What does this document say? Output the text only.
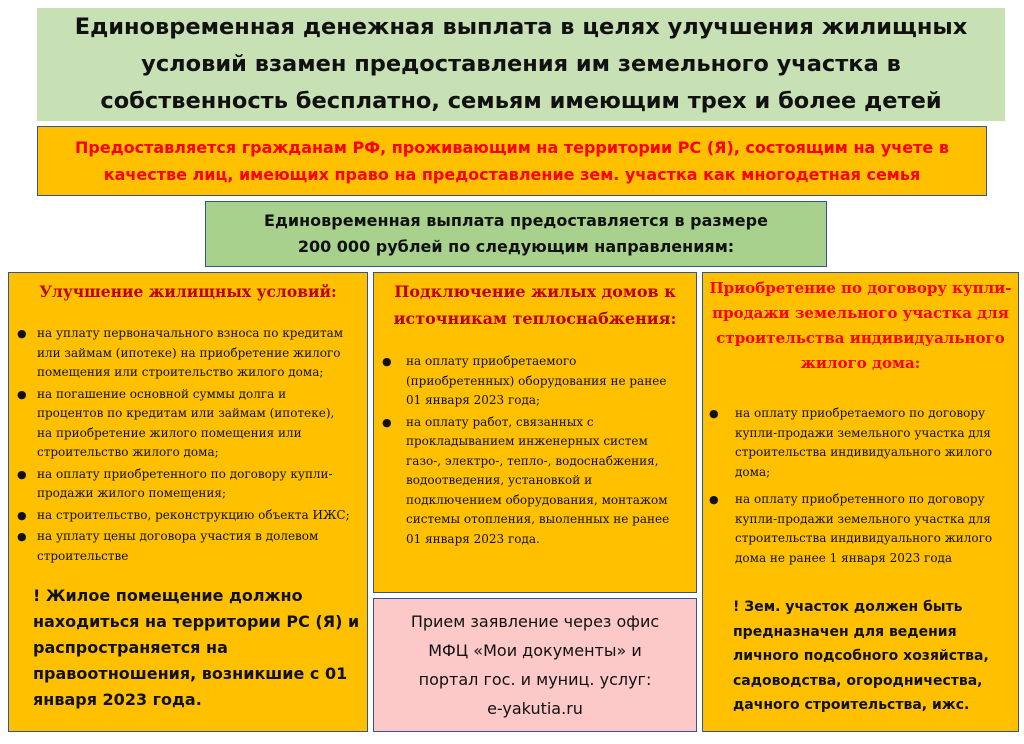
Единовременная денежная выплата в целях улучшения жилищных условий взамен предоставления им земельного участка в собственность бесплатно, семьям имеющим трех и более детей
Предоставляется гражданам РФ, проживающим на территории РС (Я), состоящим на учете в качестве лиц, имеющих право на предоставление зем. участка как многодетная семья
Единовременная выплата предоставляется в размере
200 000 рублей по следующим направлениям:
Улучшение жилищных условий:
● на уплату первоначального взноса по кредитам или займам (ипотеке) на приобретение жилого помещения или строительство жилого дома;
● на погашение основной суммы долга и процентов по кредитам или займам (ипотеке), на приобретение жилого помещения или строительство жилого дома;
● на оплату приобретенного по договору купли-продажи жилого помещения;
● на строительство, реконструкцию объекта ИЖС;
● на уплату цены договора участия в долевом строительстве
! Жилое помещение должно находиться на территории РС (Я) и распространяется на правоотношения, возникшие с 01 января 2023 года.
Подключение жилых домов к источникам теплоснабжения:
● на оплату приобретаемого (приобретенных) оборудования не ранее 01 января 2023 года;
● на оплату работ, связанных с прокладыванием инженерных систем газо-, электро-, тепло-, водоснабжения, водоотведения, установкой и подключением оборудования, монтажом системы отопления, выоленных не ранее 01 января 2023 года.
Прием заявление через офис
МФЦ «Мои документы» и
портал гос. и муниц. услуг:
e-yakutia.ru
Приобретение по договору купли-продажи земельного участка для строительства индивидуального жилого дома:
● на оплату приобретаемого по договору купли-продажи земельного участка для строительства индивидуального жилого дома;
● на оплату приобретенного по договору купли-продажи земельного участка для строительства индивидуального жилого дома не ранее 1 января 2023 года
! Зем. участок должен быть предназначен для ведения личного подсобного хозяйства, садоводства, огородничества, дачного строительства, ижс.
